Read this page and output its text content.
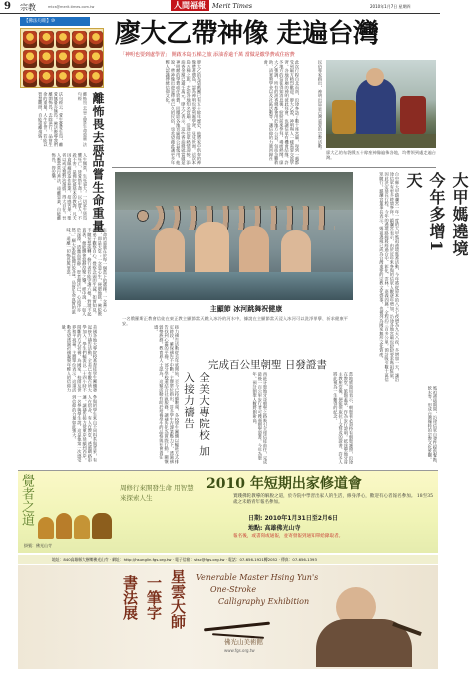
9 宗教	mtcs@merit-times.com.tw	人間福報 Merit Times	2010年1月7日 星期四
廖大乙帶神像 走遍台灣
「神明也要到處學習」 開啟本島五梯之旅 添油香逾千萬 當做是繳學費或住宿費
【佛法句睦】⑩
法句經云：愛生憂愛生畏，離愛無憂亦無畏。佛法教導我們離開怖畏，去除惡行，品嘗生命的重量。人生在世，若能以智慧觀照，自能遠離煩惱。	離怖畏 去惡 品嘗生命重量 法句經 離怖畏去惡
品嘗生命重量
人生無常，生死事大。一切眾生皆畏懼死亡，皆愛惜生命。以己度人，不殺不害，是佛陀最基本的教誨。凡夫因貪瞋癡而造作惡業，招感苦果；聖者以戒定慧對治煩惱，得大自在。吾人應當常行善法，遠離惡業，自能離怖畏，得安樂。
生命的重量在於每一個當下的選擇。一念善心起，即是天堂；一念惡心生，便墮地獄。佛陀教導弟子觀察自心，覺察念頭的生滅，如實知見，不隨妄想流轉。修行者若能守護六根，對境不起貪著，便能體會寂靜涅槃之樂。經中說：「如人於深淵，清澈而寧靜，智者聞法已，心清淨亦然。」願大家都能聞法受益，品嘗生命真實的滋味，遠離一切怖畏與罪惡。
廖大乙的布袋戲團已有五十餘年歷史，他將家中供奉的神像帶著環島，認為神明也要到處學習、見見世面。這次本島五梯之旅，走訪各地知名宮廟，沿途信眾熱情迎接，添油香金額已逾千萬元。廖大乙表示，這些香油錢就當做是神明繳的學費或住宿費，回饋給各地宮廟做公益使用。他說，帶神像出遊是傳承已久的民俗，也希望藉此讓更多年輕人認識傳統信仰文化。	此次行程自北而南，沿途參訪了數十座宮廟，每到一處都受到廟方熱烈歡迎。廖大乙說，神明與人一樣需要交流學習，各地宮廟的神明彼此拜會，也讓信眾有機會結緣。許多地方的信徒得知消息後，紛紛前來參拜，場面熱鬧。廖大乙強調，所有的油香錢都會用於地方公益，包括急難救助、清寒獎學金以及社區活動等，讓信仰的力量回歸社會。	民俗專家指出，神明出巡是台灣重要的宗教活動。
廖大乙的布袋戲五十餘座神像遍佈各地，均帶領到處走遍台灣。
主顯節 冰河跳舞祝健康
一名俄羅斯正教會信徒在東正教主顯節當天跳入冰冷的河水中，據說在主顯節當天浸入冰河可以洗淨罪孽、祈求健康平安。	台中縣大甲鎮瀾宮一年一度的大甲媽祖遶境進香活動，今年將從原本的八天七夜增為九天八夜，多增加一天，讓沿途信眾有更多時間參拜。鎮瀾宮表示，由於近年來參與的信眾人數逐年增加，沿途各地宮廟也紛紛要求媽祖駐駕，因此決定延長行程。今年的遶境路線將經過台中、彰化、雲林、嘉義四縣，全程約三百多公里，預計吸引數十萬信眾隨行。鎮瀾宮董事長表示，媽祖遶境已成為台灣重要的宗教文化盛事，也被列為國家無形文化資產。	大甲媽遶境 今年多增1天
媽祖遶境期間，沿途信眾自發性提供餐點、飲水等，形成台灣獨特的宗教文化景觀。
美國各地大專院校基督徒學生團體發起接力禱告活動，全美已有數百所大學加入，學生們輪流以二十四小時不間斷的方式祈禱，為國家、校園及世界和平祝福。主辦單位表示，這項活動希望透過祈禱凝聚年輕人的信仰力量。
參與的學生來自不同科系與背景，有人在宿舍、有人在教堂，透過網路串連，讓禱告接力從東岸延續到西岸。一名參與學生說，這是他第一次感受到信仰的力量如此強大。	接力禱告活動從去年底開始，至今已持續數週，各校學生團體以輪班方式排定時段，確保禱告不中斷。主辦單位指出，許多學生在課業壓力下，透過禱告找到心靈的平靜。部分學校還結合社區服務，讓禱告化為實際行動，關懷弱勢族群。教育界人士認為，這類活動有助於培養學生的品格與社會責任感。
全美大專院校 加入接力禱告
完成百公里朝聖 日發證書
西班牙聖地牙哥朝聖之路吸引全球信徒前往，完成最後一百公里步行者可獲頒朝聖證書。今年為聖年，預計朝聖人數將創新高。	當地旅遊局表示，朝聖者必須持有朝聖護照，沿途在教堂、旅館蓋章，作為步行證明。抵達聖地牙哥主教座堂後，便能領取拉丁文寫成的證書，許多人將此視為一生難得的紀念。
覺者之道	周修行來開發生命 用智慧來探索人生
2010 年短期出家修道會
實踐佛陀教導的解脫之道，於寺院中學習出家人的生活，修身淨心，歡迎有心者報名參加。 18至35歲之未婚青年報名參加。
日期: 2010年1月31日至2月6日
地點: 高雄佛光山寺
報名後，或書寫或通報，並寄發報到通知單給錄取者。
掛號：佛光山寺
地址：840高雄縣大樹鄉佛光山寺 · 網址：http://hsunglin.fgs.org.tw · 電子信箱：stsc@fgs.org.tw · 電話：07-656-1921轉2052 · 傳真：07-656-1393
星雲大師
一筆字
書法展	Venerable Master Hsing Yun's
One-Stroke
Calligraphy Exhibition
佛光山美術館
www.fgs.org.tw
